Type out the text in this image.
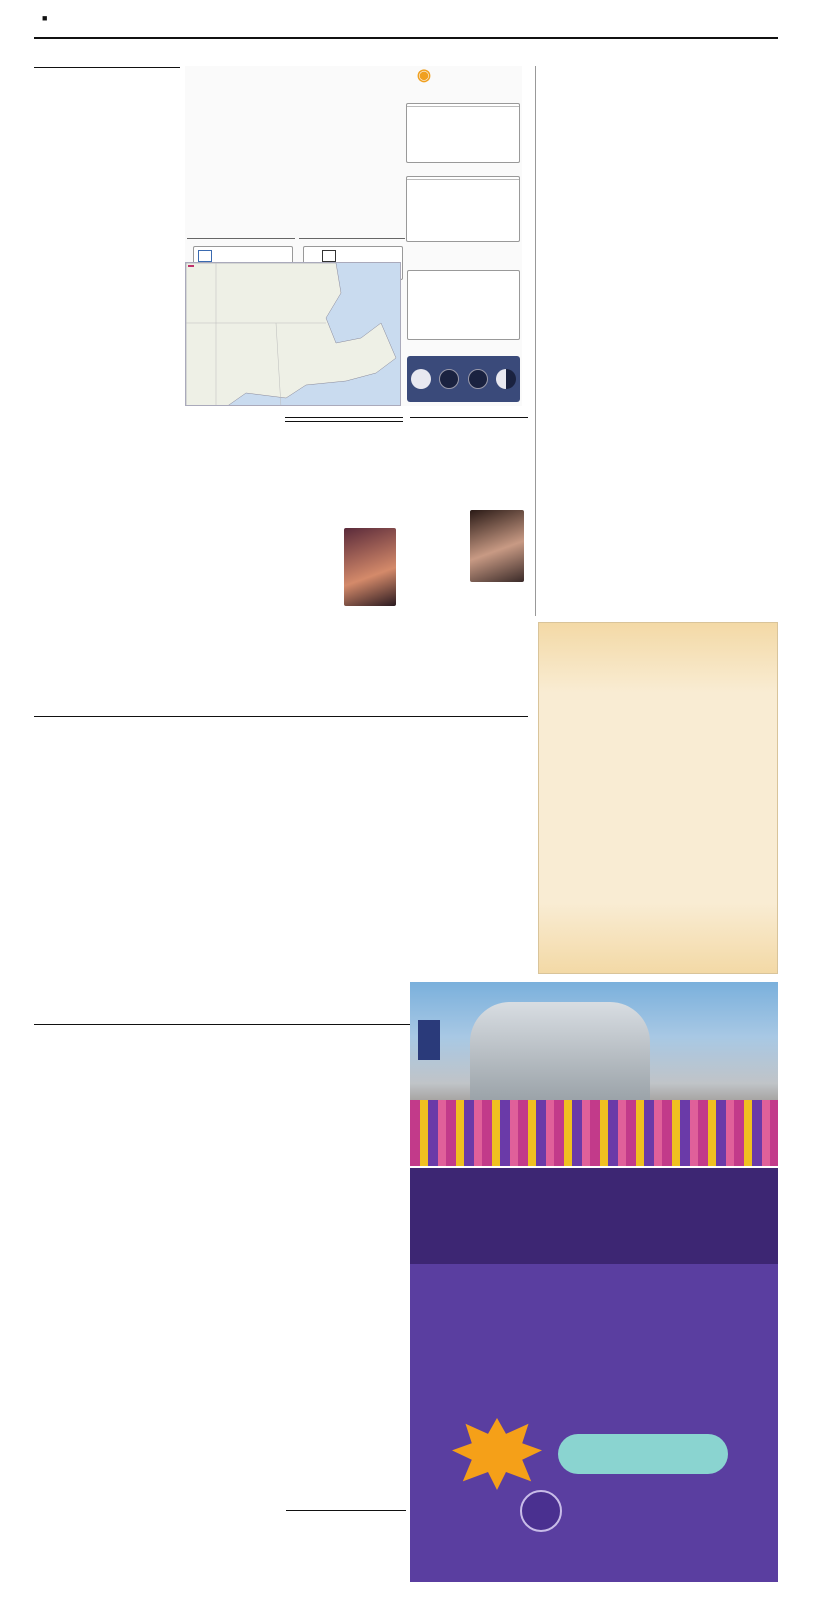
■
◉
